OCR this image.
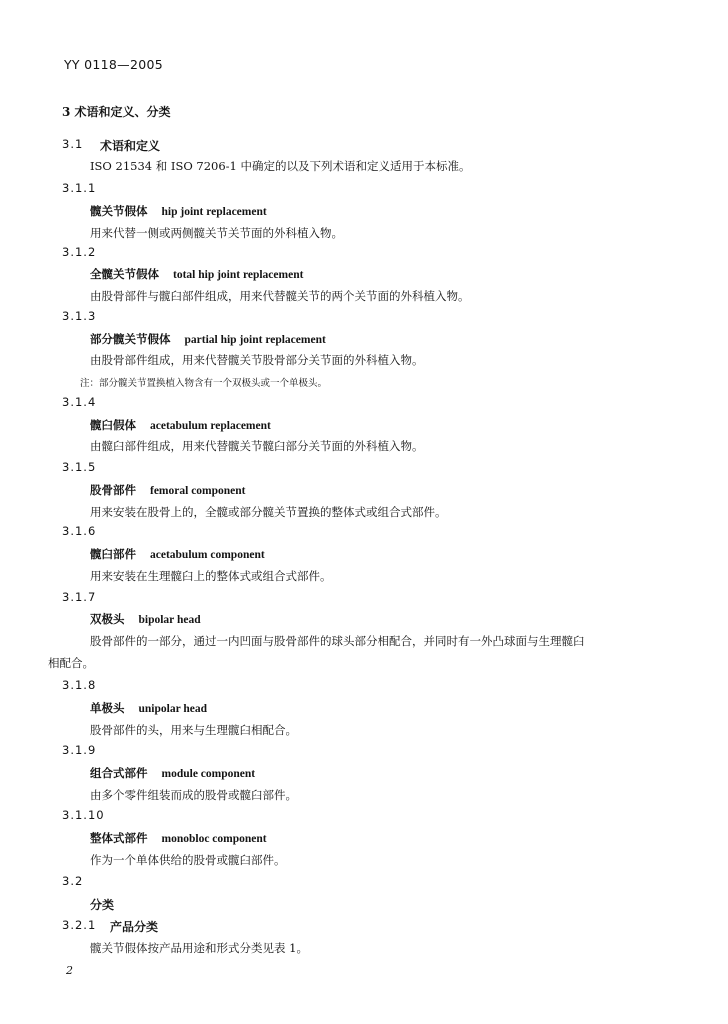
YY 0118—2005
3 术语和定义、分类
3.1 术语和定义
ISO 21534 和 ISO 7206-1 中确定的以及下列术语和定义适用于本标准。
3.1.1
髋关节假体 hip joint replacement
用来代替一侧或两侧髋关节关节面的外科植入物。
3.1.2
全髋关节假体 total hip joint replacement
由股骨部件与髋臼部件组成，用来代替髋关节的两个关节面的外科植入物。
3.1.3
部分髋关节假体 partial hip joint replacement
由股骨部件组成，用来代替髋关节股骨部分关节面的外科植入物。
注：部分髋关节置换植入物含有一个双极头或一个单极头。
3.1.4
髋臼假体 acetabulum replacement
由髋臼部件组成，用来代替髋关节髋臼部分关节面的外科植入物。
3.1.5
股骨部件 femoral component
用来安装在股骨上的，全髋或部分髋关节置换的整体式或组合式部件。
3.1.6
髋臼部件 acetabulum component
用来安装在生理髋臼上的整体式或组合式部件。
3.1.7
双极头 bipolar head
股骨部件的一部分，通过一内凹面与股骨部件的球头部分相配合，并同时有一外凸球面与生理髋臼
相配合。
3.1.8
单极头 unipolar head
股骨部件的头，用来与生理髋臼相配合。
3.1.9
组合式部件 module component
由多个零件组装而成的股骨或髋臼部件。
3.1.10
整体式部件 monobloc component
作为一个单体供给的股骨或髋臼部件。
3.2
分类
3.2.1 产品分类
髋关节假体按产品用途和形式分类见表 1。
2
